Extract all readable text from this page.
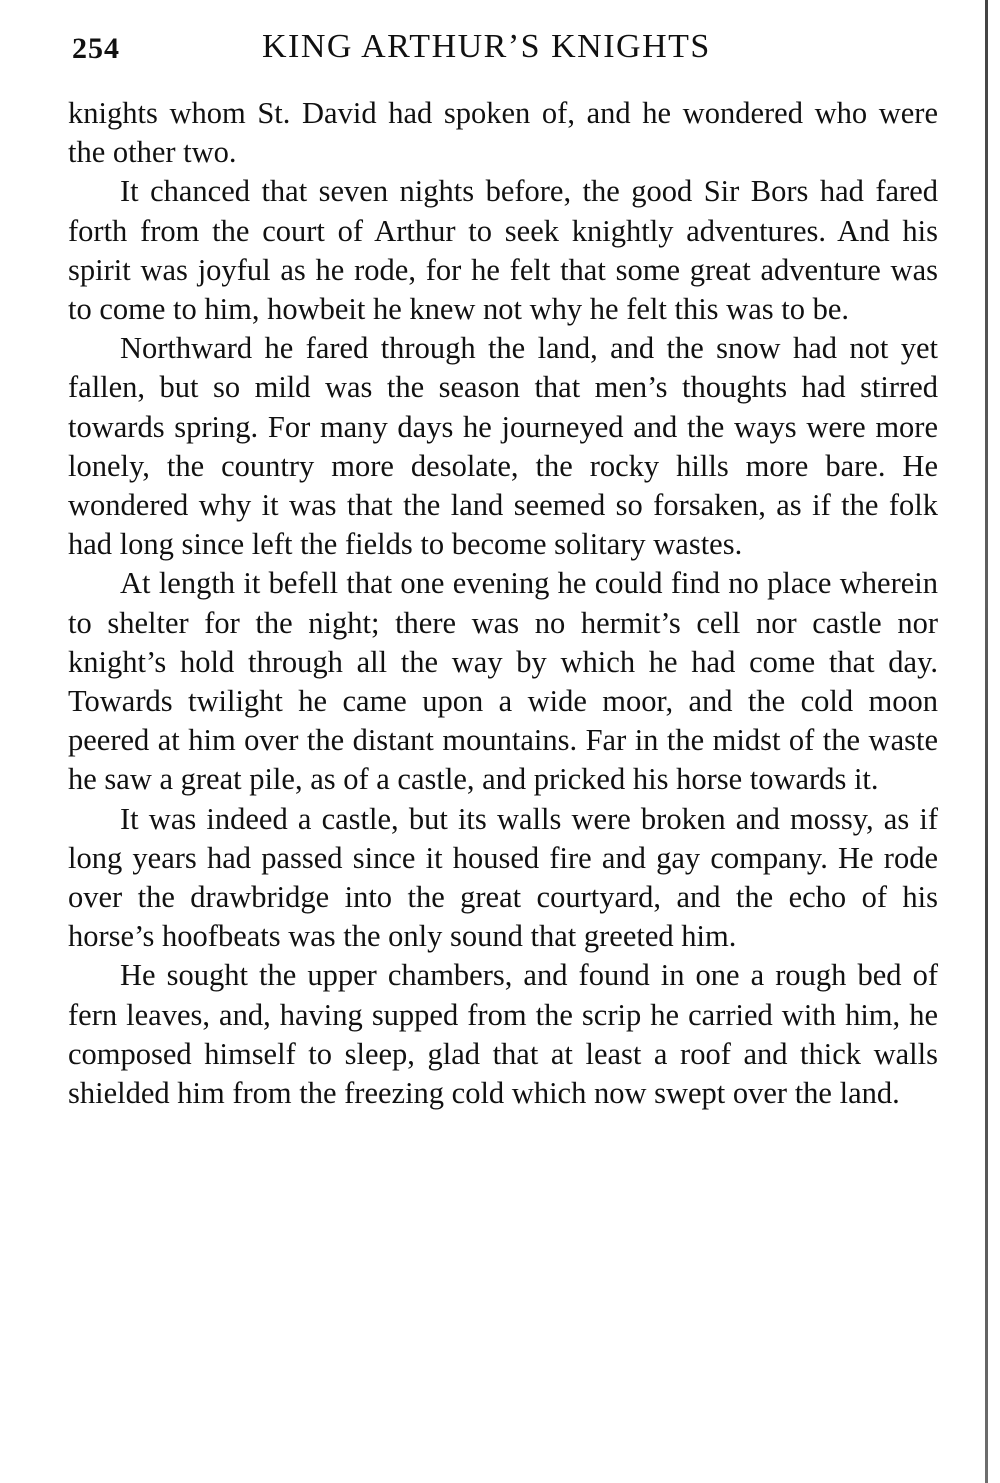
254	KING ARTHUR’S KNIGHTS

knights whom St. David had spoken of, and he wondered who were the other two.

It chanced that seven nights before, the good Sir Bors had fared forth from the court of Arthur to seek knightly adventures. And his spirit was joyful as he rode, for he felt that some great adventure was to come to him, howbeit he knew not why he felt this was to be.

Northward he fared through the land, and the snow had not yet fallen, but so mild was the season that men’s thoughts had stirred towards spring. For many days he journeyed and the ways were more lonely, the country more desolate, the rocky hills more bare. He wondered why it was that the land seemed so forsaken, as if the folk had long since left the fields to become solitary wastes.

At length it befell that one evening he could find no place wherein to shelter for the night; there was no hermit’s cell nor castle nor knight’s hold through all the way by which he had come that day. Towards twilight he came upon a wide moor, and the cold moon peered at him over the distant mountains. Far in the midst of the waste he saw a great pile, as of a castle, and pricked his horse towards it.

It was indeed a castle, but its walls were broken and mossy, as if long years had passed since it housed fire and gay company. He rode over the drawbridge into the great courtyard, and the echo of his horse’s hoofbeats was the only sound that greeted him.

He sought the upper chambers, and found in one a rough bed of fern leaves, and, having supped from the scrip he carried with him, he composed himself to sleep, glad that at least a roof and thick walls shielded him from the freezing cold which now swept over the land.
